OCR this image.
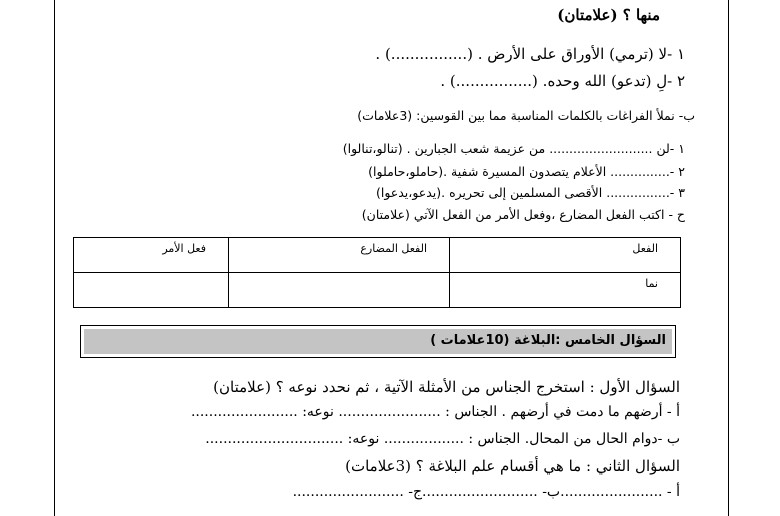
منها ؟ (علامتان)
١ -لا (ترمي) الأوراق على الأرض . (................) .
٢ -لِ (تدعو) الله وحده. (................) .
ب- نملأ الفراغات بالكلمات المناسبة مما بين القوسين: (3علامات)
١ -لن .......................... من عزيمة شعب الجبارين . (تنالو،تنالوا)
٢ -............... الأعلام يتصدون المسيرة شفية .(حاملو،حاملوا)
٣ -................ الأقصى المسلمين إلى تحريره .(يدعو،يدعوا)
ح - اكتب الفعل المضارع ،وفعل الأمر من الفعل الآتي (علامتان)
الفعل	الفعل المضارع	فعل الأمر
نما		
السؤال الخامس :البلاغة (10علامات )
السؤال الأول : استخرج الجناس من الأمثلة الآتية ، ثم نحدد نوعه ؟ (علامتان)
أ - أرضهم ما دمت في أرضهم . الجناس : ....................... نوعه: ........................
ب -دوام الحال من المحال. الجناس : .................. نوعه: ...............................
السؤال الثاني : ما هي أقسام علم البلاغة ؟ (3علامات)
أ - .......................ب- ..........................ج- .........................
